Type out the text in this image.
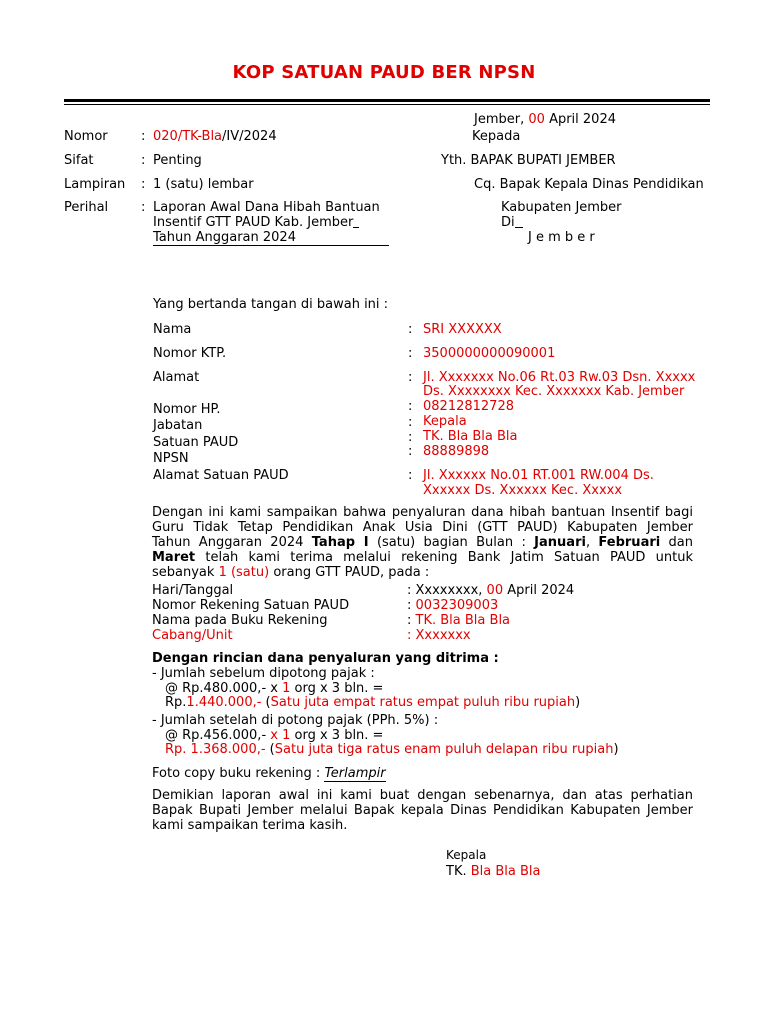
KOP SATUAN PAUD BER NPSN
Jember, 00 April 2024
Kepada
Yth. BAPAK BUPATI JEMBER
Cq. Bapak Kepala Dinas Pendidikan
Kabupaten Jember
Di
J e m b e r
Nomor	: 020/TK-Bla/IV/2024
Sifat	: Penting
Lampiran : 1 (satu) lembar
Perihal	: Laporan Awal Dana Hibah Bantuan
Insentif GTT PAUD Kab. Jember
Tahun Anggaran 2024
Yang bertanda tangan di bawah ini :
Nama	: SRI XXXXXX
Nomor KTP.	: 3500000000090001
Alamat	: Jl. Xxxxxxx No.06 Rt.03 Rw.03 Dsn. Xxxxx
Ds. Xxxxxxxx Kec. Xxxxxxx Kab. Jember
Nomor HP.	: 08212812728
Jabatan	: Kepala
Satuan PAUD	: TK. Bla Bla Bla
NPSN	: 88889898
Alamat Satuan PAUD	: Jl. Xxxxxx No.01 RT.001 RW.004 Ds.
Xxxxxx Ds. Xxxxxx Kec. Xxxxx
Dengan ini kami sampaikan bahwa penyaluran dana hibah bantuan Insentif bagi
Guru Tidak Tetap Pendidikan Anak Usia Dini (GTT PAUD) Kabupaten Jember
Tahun Anggaran 2024 Tahap I (satu) bagian Bulan : Januari, Februari dan
Maret telah kami terima melalui rekening Bank Jatim Satuan PAUD untuk
sebanyak 1 (satu) orang GTT PAUD, pada :
Hari/Tanggal	: Xxxxxxxx, 00 April 2024
Nomor Rekening Satuan PAUD	: 0032309003
Nama pada Buku Rekening	: TK. Bla Bla Bla
Cabang/Unit	: Xxxxxxx
Dengan rincian dana penyaluran yang ditrima :
- Jumlah sebelum dipotong pajak :
@ Rp.480.000,- x 1 org x 3 bln. =
Rp.1.440.000,- (Satu juta empat ratus empat puluh ribu rupiah)
- Jumlah setelah di potong pajak (PPh. 5%) :
@ Rp.456.000,- x 1 org x 3 bln. =
Rp. 1.368.000,- (Satu juta tiga ratus enam puluh delapan ribu rupiah)
Foto copy buku rekening : Terlampir
Demikian laporan awal ini kami buat dengan sebenarnya, dan atas perhatian
Bapak Bupati Jember melalui Bapak kepala Dinas Pendidikan Kabupaten Jember
kami sampaikan terima kasih.
Kepala
TK. Bla Bla Bla
